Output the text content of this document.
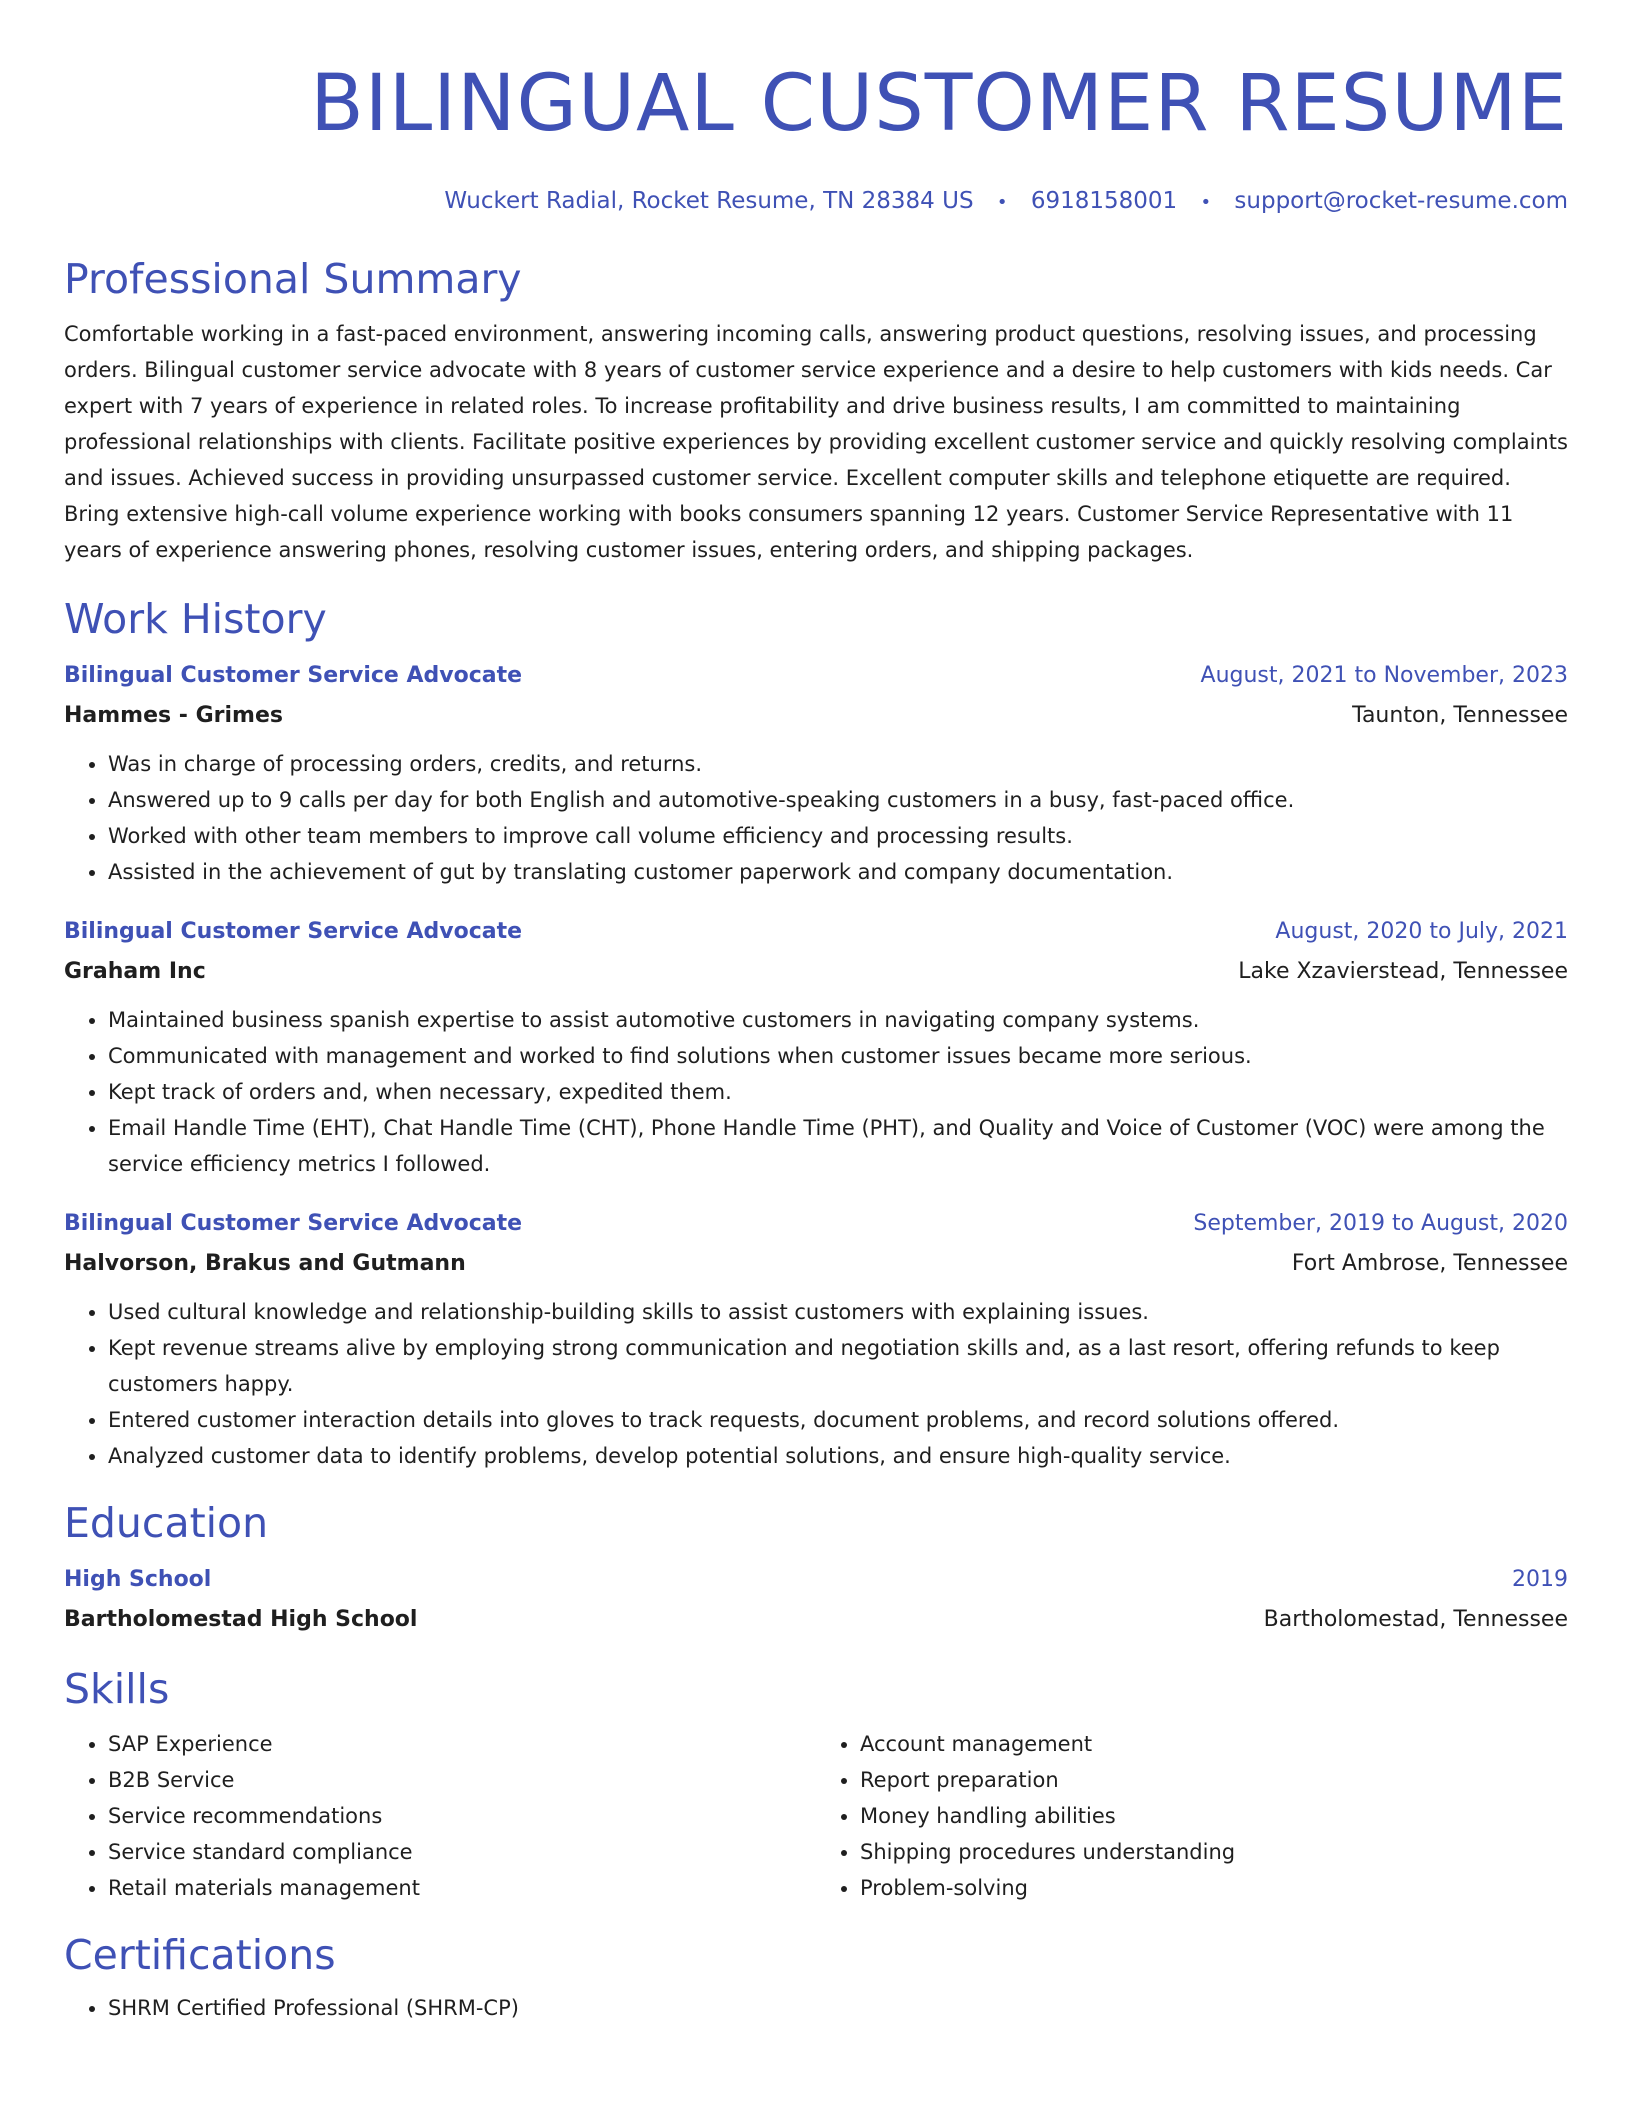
BILINGUAL CUSTOMER RESUME
Wuckert Radial, Rocket Resume, TN 28384 US • 6918158001 • support@rocket-resume.com
Professional Summary
Comfortable working in a fast-paced environment, answering incoming calls, answering product questions, resolving issues, and processing orders. Bilingual customer service advocate with 8 years of customer service experience and a desire to help customers with kids needs. Car expert with 7 years of experience in related roles. To increase profitability and drive business results, I am committed to maintaining professional relationships with clients. Facilitate positive experiences by providing excellent customer service and quickly resolving complaints and issues. Achieved success in providing unsurpassed customer service. Excellent computer skills and telephone etiquette are required. Bring extensive high-call volume experience working with books consumers spanning 12 years. Customer Service Representative with 11 years of experience answering phones, resolving customer issues, entering orders, and shipping packages.
Work History
Bilingual Customer Service Advocate	August, 2021 to November, 2023
Hammes - Grimes	Taunton, Tennessee
• Was in charge of processing orders, credits, and returns.
• Answered up to 9 calls per day for both English and automotive-speaking customers in a busy, fast-paced office.
• Worked with other team members to improve call volume efficiency and processing results.
• Assisted in the achievement of gut by translating customer paperwork and company documentation.
Bilingual Customer Service Advocate	August, 2020 to July, 2021
Graham Inc	Lake Xzavierstead, Tennessee
• Maintained business spanish expertise to assist automotive customers in navigating company systems.
• Communicated with management and worked to find solutions when customer issues became more serious.
• Kept track of orders and, when necessary, expedited them.
• Email Handle Time (EHT), Chat Handle Time (CHT), Phone Handle Time (PHT), and Quality and Voice of Customer (VOC) were among the service efficiency metrics I followed.
Bilingual Customer Service Advocate	September, 2019 to August, 2020
Halvorson, Brakus and Gutmann	Fort Ambrose, Tennessee
• Used cultural knowledge and relationship-building skills to assist customers with explaining issues.
• Kept revenue streams alive by employing strong communication and negotiation skills and, as a last resort, offering refunds to keep customers happy.
• Entered customer interaction details into gloves to track requests, document problems, and record solutions offered.
• Analyzed customer data to identify problems, develop potential solutions, and ensure high-quality service.
Education
High School	2019
Bartholomestad High School	Bartholomestad, Tennessee
Skills
• SAP Experience
• B2B Service
• Service recommendations
• Service standard compliance
• Retail materials management
• Account management
• Report preparation
• Money handling abilities
• Shipping procedures understanding
• Problem-solving
Certifications
• SHRM Certified Professional (SHRM-CP)
